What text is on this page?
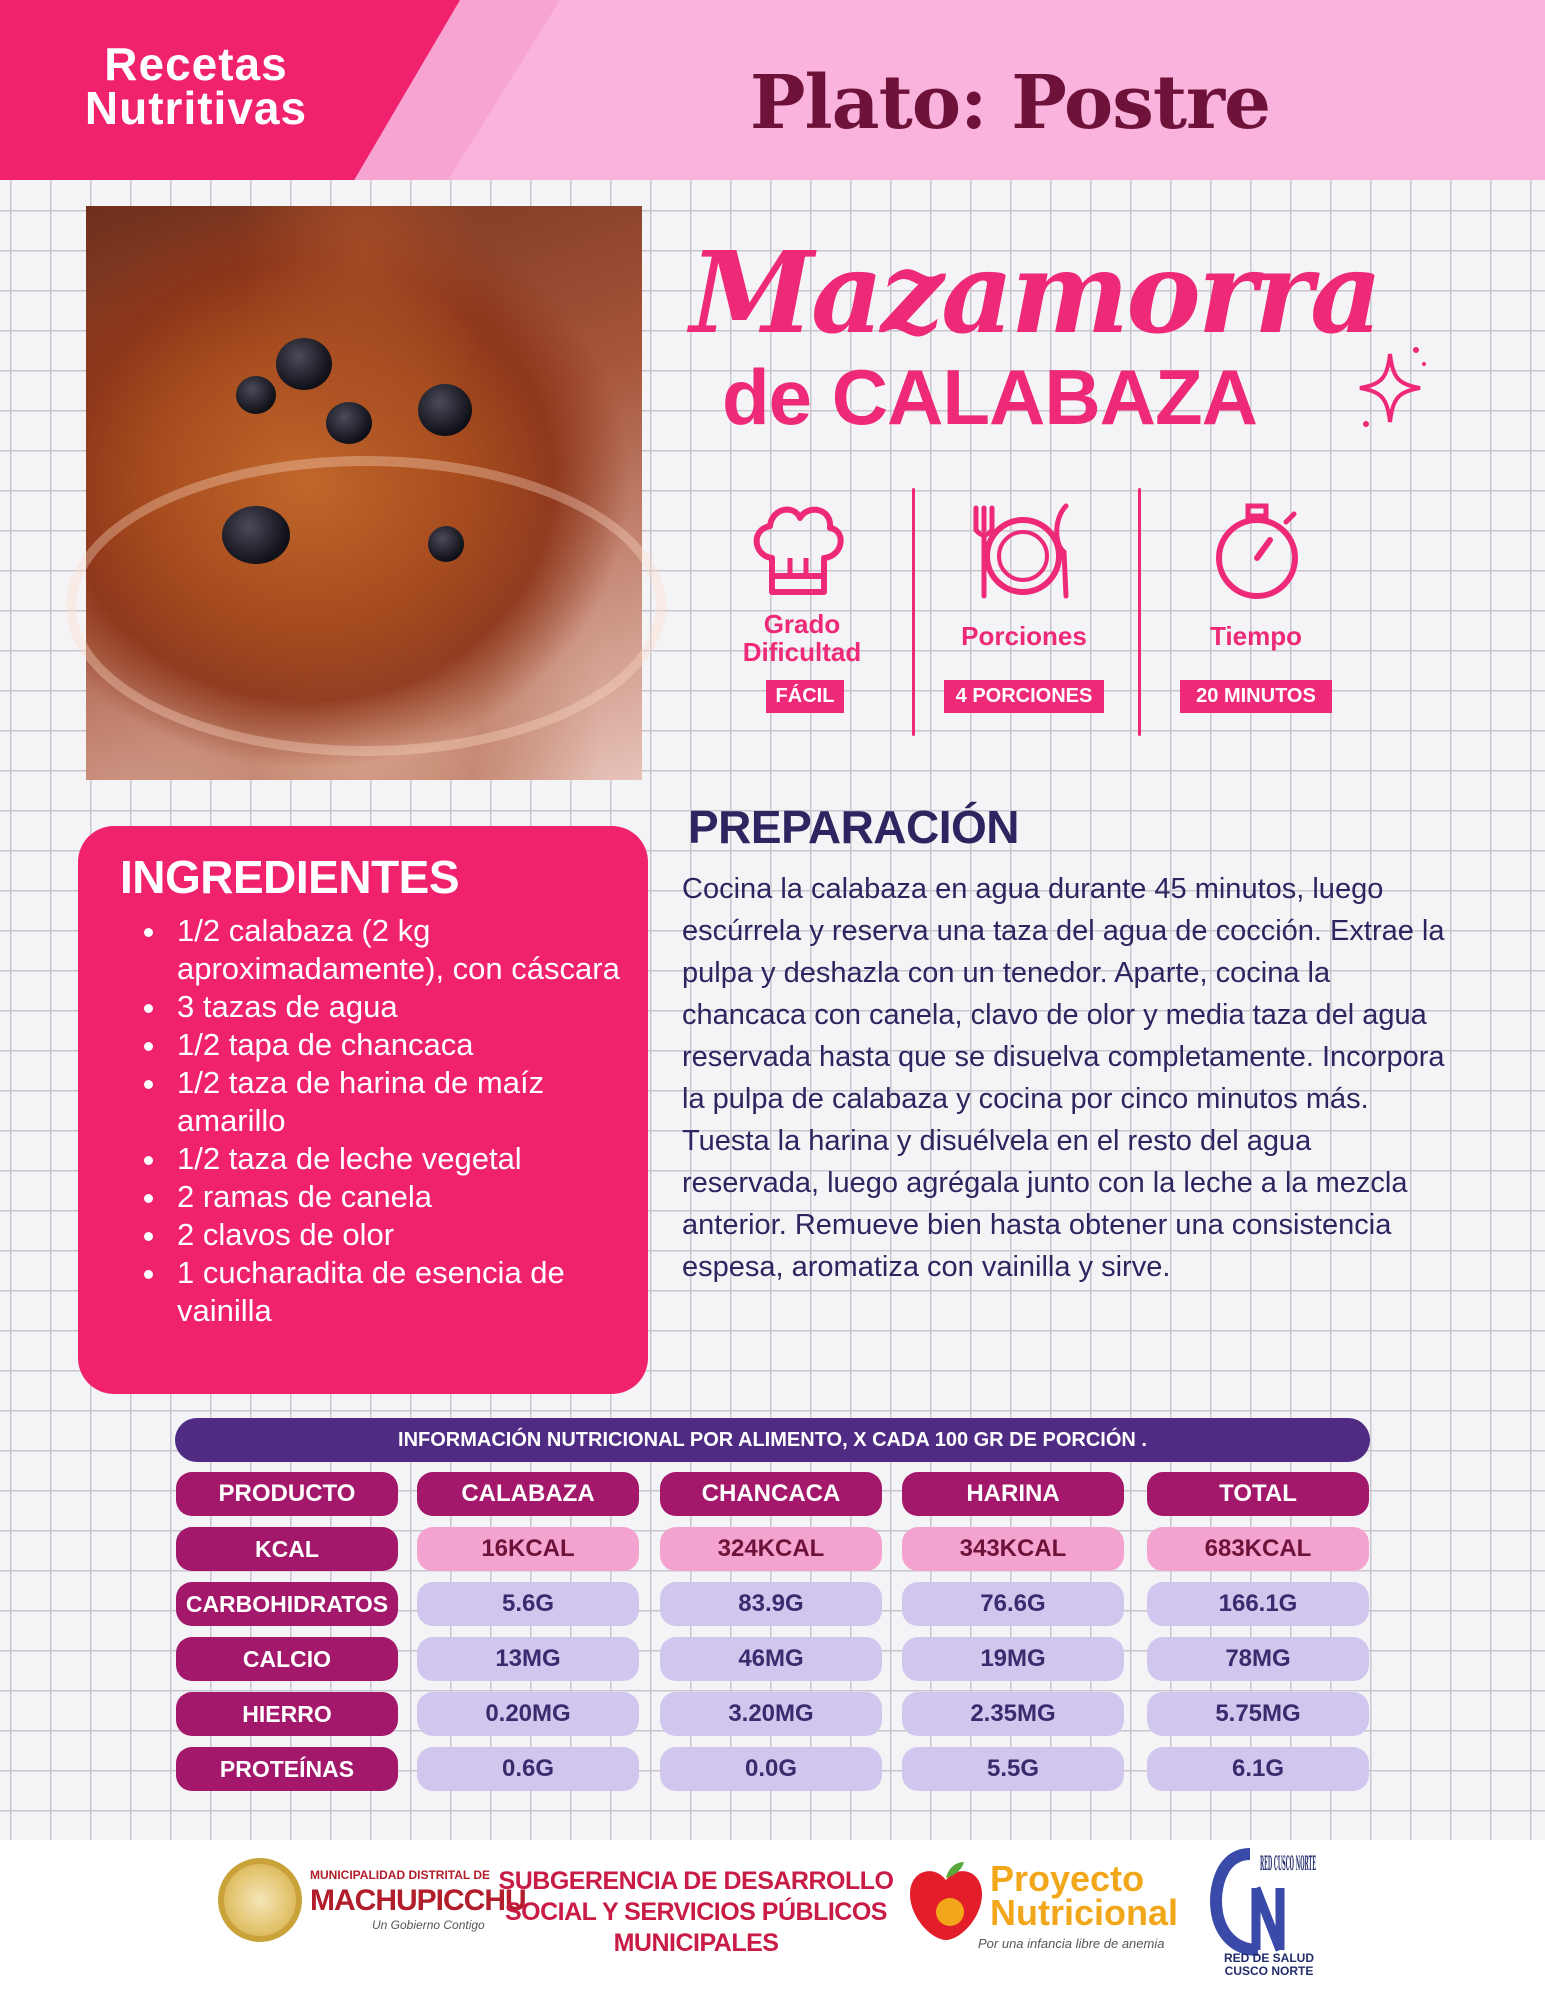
Recetas
Nutritivas	Plato: Postre
Mazamorra
de CALABAZA
Grado
Dificultad
FÁCIL
Porciones
4 PORCIONES
Tiempo
20 MINUTOS
INGREDIENTES
1/2 calabaza (2 kg aproximadamente), con cáscara
3 tazas de agua
1/2 tapa de chancaca
1/2 taza de harina de maíz amarillo
1/2 taza de leche vegetal
2 ramas de canela
2 clavos de olor
1 cucharadita de esencia de vainilla
PREPARACIÓN
Cocina la calabaza en agua durante 45 minutos, luego escúrrela y reserva una taza del agua de cocción. Extrae la pulpa y deshazla con un tenedor. Aparte, cocina la chancaca con canela, clavo de olor y media taza del agua reservada hasta que se disuelva completamente. Incorpora la pulpa de calabaza y cocina por cinco minutos más. Tuesta la harina y disuélvela en el resto del agua reservada, luego agrégala junto con la leche a la mezcla anterior. Remueve bien hasta obtener una consistencia espesa, aromatiza con vainilla y sirve.
INFORMACIÓN NUTRICIONAL POR ALIMENTO, X CADA 100 GR DE PORCIÓN .
PRODUCTO	CALABAZA	CHANCACA	HARINA	TOTAL
KCAL	16KCAL	324KCAL	343KCAL	683KCAL
CARBOHIDRATOS	5.6G	83.9G	76.6G	166.1G
CALCIO	13MG	46MG	19MG	78MG
HIERRO	0.20MG	3.20MG	2.35MG	5.75MG
PROTEÍNAS	0.6G	0.0G	5.5G	6.1G
MUNICIPALIDAD DISTRITAL DE
MACHUPICCHU
Un Gobierno Contigo
SUBGERENCIA DE DESARROLLO SOCIAL Y SERVICIOS PÚBLICOS MUNICIPALES
Proyecto
Nutricional
Por una infancia libre de anemia
RED CUSCO NORTE
RED DE SALUD CUSCO NORTE
